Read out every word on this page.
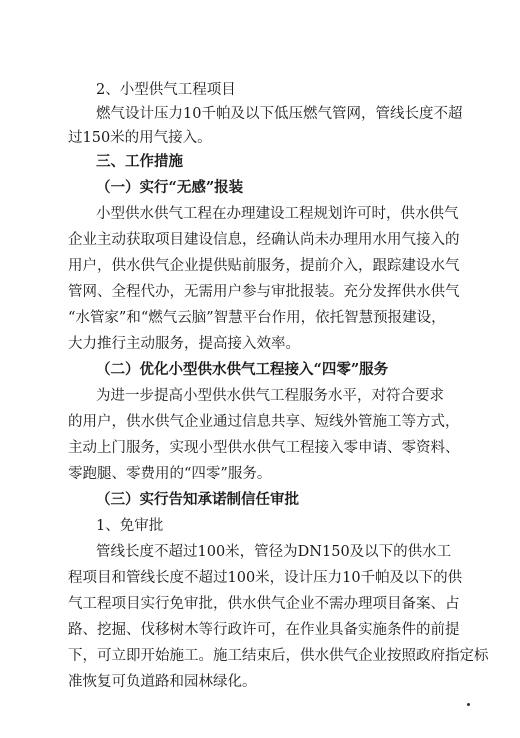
2、小型供气工程项目
燃气设计压力10千帕及以下低压燃气管网，管线长度不超
过150米的用气接入。
三、工作措施
（一）实行“无感”报装
小型供水供气工程在办理建设工程规划许可时，供水供气
企业主动获取项目建设信息，经确认尚未办理用水用气接入的
用户，供水供气企业提供贴前服务，提前介入，跟踪建设水气
管网、全程代办，无需用户参与审批报装。充分发挥供水供气
“水管家”和“燃气云脑”智慧平台作用，依托智慧预报建设，
大力推行主动服务，提高接入效率。
（二）优化小型供水供气工程接入“四零”服务
为进一步提高小型供水供气工程服务水平，对符合要求
的用户，供水供气企业通过信息共享、短线外管施工等方式，
主动上门服务，实现小型供水供气工程接入零申请、零资料、
零跑腿、零费用的“四零”服务。
（三）实行告知承诺制信任审批
1、免审批
管线长度不超过100米，管径为DN150及以下的供水工
程项目和管线长度不超过100米，设计压力10千帕及以下的供
气工程项目实行免审批，供水供气企业不需办理项目备案、占
路、挖掘、伐移树木等行政许可，在作业具备实施条件的前提
下，可立即开始施工。施工结束后，供水供气企业按照政府指定标
准恢复可负道路和园林绿化。
